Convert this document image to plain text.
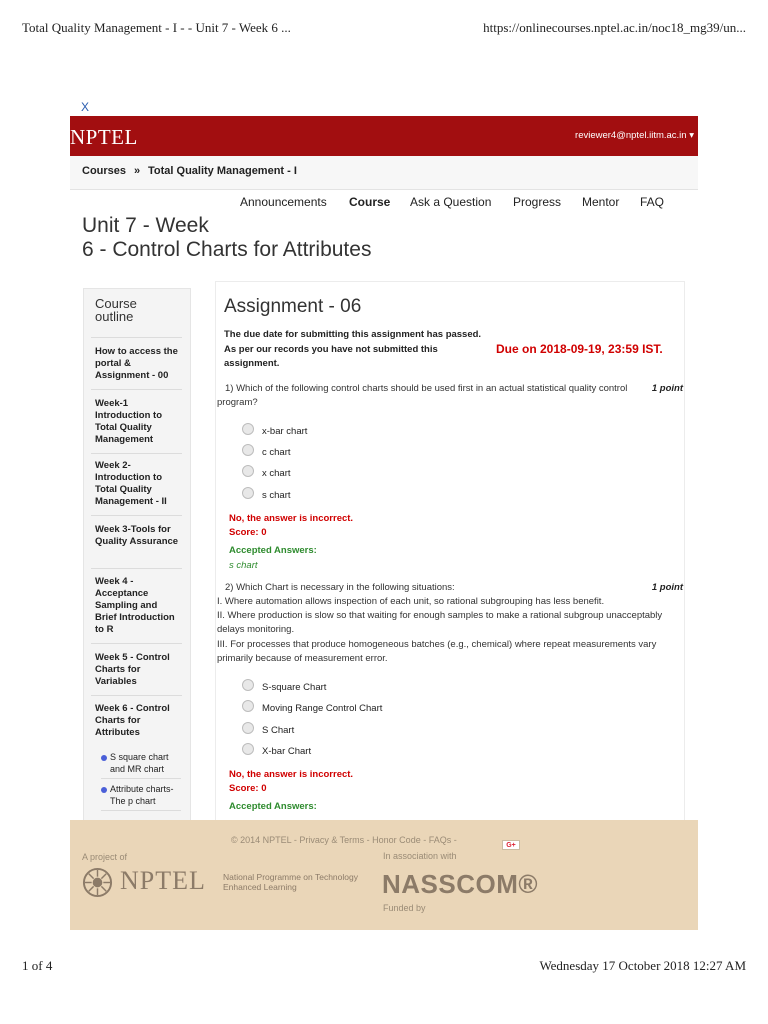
Total Quality Management - I - - Unit 7 - Week 6 ...	https://onlinecourses.nptel.ac.in/noc18_mg39/un...
X
NPTEL	reviewer4@nptel.iitm.ac.in ▾
Courses » Total Quality Management - I
Announcements Course Ask a Question Progress Mentor FAQ
Unit 7 - Week
6 - Control Charts for Attributes
Course outline
How to access the portal & Assignment - 00
Week-1 Introduction to Total Quality Management
Week 2-Introduction to Total Quality Management - II
Week 3-Tools for Quality Assurance
Week 4 - Acceptance Sampling and Brief Introduction to R
Week 5 - Control Charts for Variables
Week 6 - Control Charts for Attributes
S square chart and MR chart
Attribute charts-The p chart
Assignment - 06
The due date for submitting this assignment has passed.
As per our records you have not submitted this assignment.
Due on 2018-09-19, 23:59 IST.
1) Which of the following control charts should be used first in an actual statistical quality control program?
1 point
x-bar chart
c chart
x chart
s chart
No, the answer is incorrect.
Score: 0
Accepted Answers:
s chart
2) Which Chart is necessary in the following situations:	1 point
I. Where automation allows inspection of each unit, so rational subgrouping has less benefit.
II. Where production is slow so that waiting for enough samples to make a rational subgroup unacceptably delays monitoring.
III. For processes that produce homogeneous batches (e.g., chemical) where repeat measurements vary primarily because of measurement error.
S-square Chart
Moving Range Control Chart
S Chart
X-bar Chart
No, the answer is incorrect.
Score: 0
Accepted Answers:
© 2014 NPTEL - Privacy & Terms - Honor Code - FAQs -
G+
A project of
NPTEL National Programme on Technology Enhanced Learning
In association with
NASSCOM®
Funded by
1 of 4	Wednesday 17 October 2018 12:27 AM
